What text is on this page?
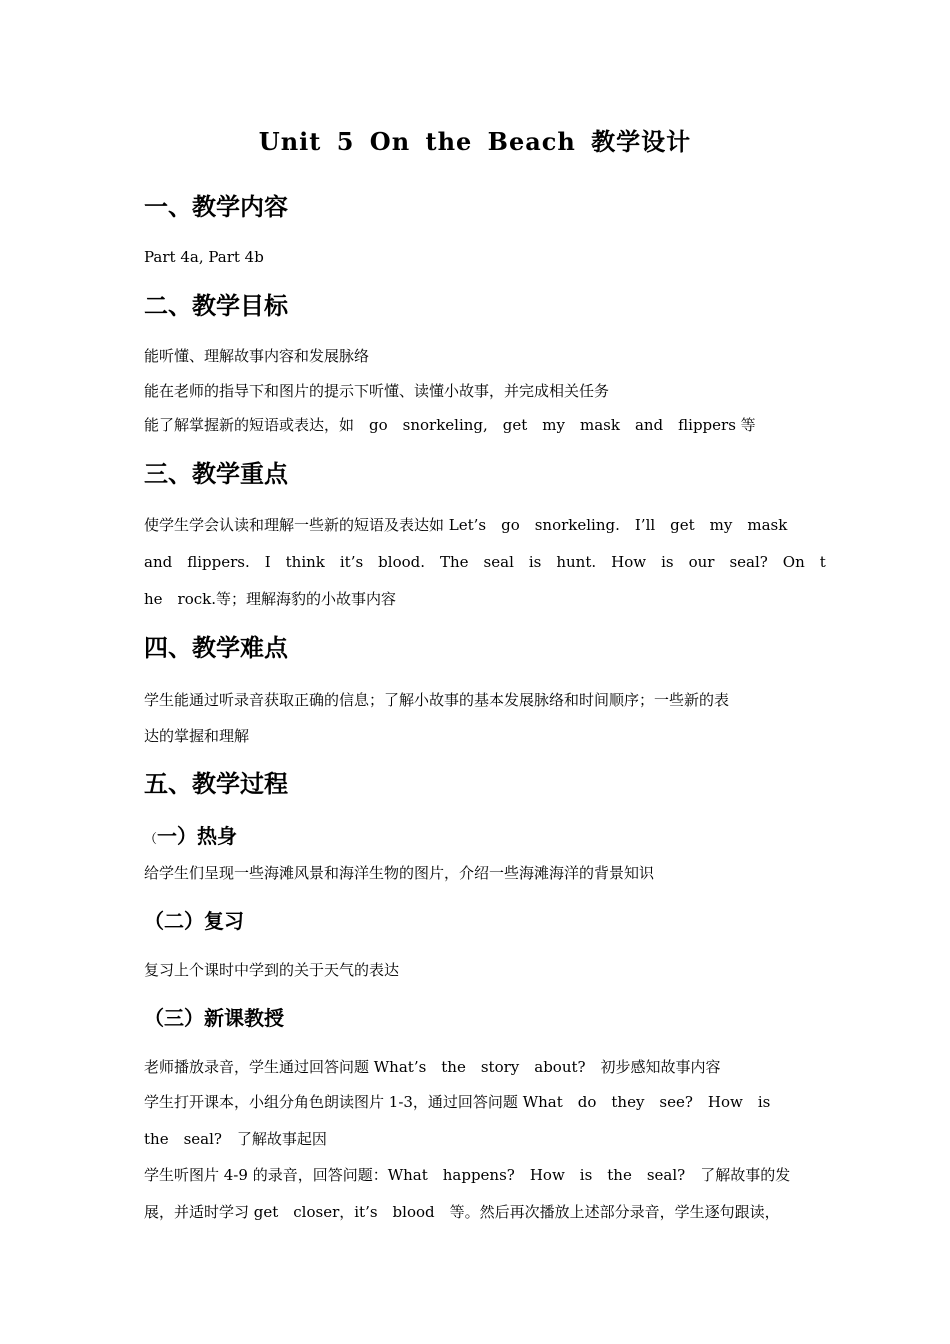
Unit 5 On the Beach 教学设计
一、教学内容
Part 4a, Part 4b
二、教学目标
能听懂、理解故事内容和发展脉络
能在老师的指导下和图片的提示下听懂、读懂小故事，并完成相关任务
能了解掌握新的短语或表达，如　go　snorkeling,　get　my　mask　and　flippers 等
三、教学重点
使学生学会认读和理解一些新的短语及表达如 Let’s　go　snorkeling.　I’ll　get　my　mask
and　flippers.　I　think　it’s　blood.　The　seal　is　hunt.　How　is　our　seal?　On　t
he　rock.等；理解海豹的小故事内容
四、教学难点
学生能通过听录音获取正确的信息；了解小故事的基本发展脉络和时间顺序；一些新的表
达的掌握和理解
五、教学过程
（一）热身
给学生们呈现一些海滩风景和海洋生物的图片，介绍一些海滩海洋的背景知识
（二）复习
复习上个课时中学到的关于天气的表达
（三）新课教授
老师播放录音，学生通过回答问题 What’s　the　story　about?　初步感知故事内容
学生打开课本，小组分角色朗读图片 1-3，通过回答问题 What　do　they　see?　How　is
the　seal?　了解故事起因
学生听图片 4-9 的录音，回答问题：What　happens?　How　is　the　seal?　了解故事的发
展，并适时学习 get　closer，it’s　blood　等。然后再次播放上述部分录音，学生逐句跟读，
